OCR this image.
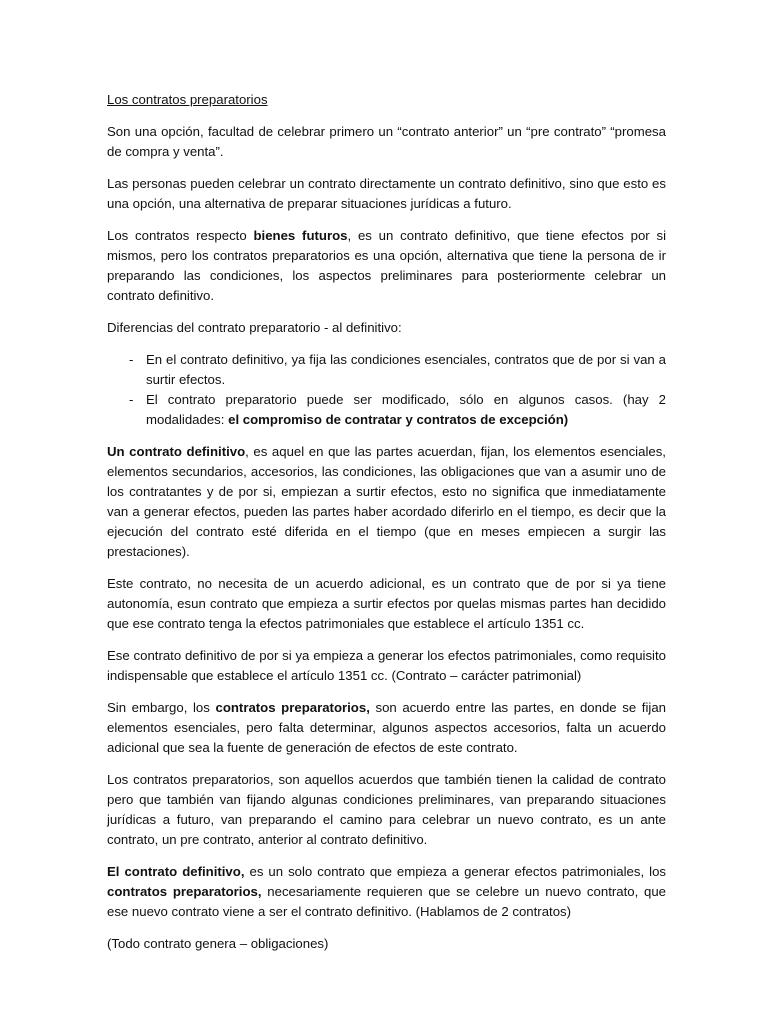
Los contratos preparatorios

Son una opción, facultad de celebrar primero un “contrato anterior” un “pre contrato” “promesa de compra y venta”.

Las personas pueden celebrar un contrato directamente un contrato definitivo, sino que esto es una opción, una alternativa de preparar situaciones jurídicas a futuro.

Los contratos respecto bienes futuros, es un contrato definitivo, que tiene efectos por si mismos, pero los contratos preparatorios es una opción, alternativa que tiene la persona de ir preparando las condiciones, los aspectos preliminares para posteriormente celebrar un contrato definitivo.

Diferencias del contrato preparatorio - al definitivo:

- En el contrato definitivo, ya fija las condiciones esenciales, contratos que de por si van a surtir efectos.
- El contrato preparatorio puede ser modificado, sólo en algunos casos. (hay 2 modalidades: el compromiso de contratar y contratos de excepción)

Un contrato definitivo, es aquel en que las partes acuerdan, fijan, los elementos esenciales, elementos secundarios, accesorios, las condiciones, las obligaciones que van a asumir uno de los contratantes y de por si, empiezan a surtir efectos, esto no significa que inmediatamente van a generar efectos, pueden las partes haber acordado diferirlo en el tiempo, es decir que la ejecución del contrato esté diferida en el tiempo (que en meses empiecen a surgir las prestaciones).

Este contrato, no necesita de un acuerdo adicional, es un contrato que de por si ya tiene autonomía, esun contrato que empieza a surtir efectos por quelas mismas partes han decidido que ese contrato tenga la efectos patrimoniales que establece el artículo 1351 cc.

Ese contrato definitivo de por si ya empieza a generar los efectos patrimoniales, como requisito indispensable que establece el artículo 1351 cc. (Contrato – carácter patrimonial)

Sin embargo, los contratos preparatorios, son acuerdo entre las partes, en donde se fijan elementos esenciales, pero falta determinar, algunos aspectos accesorios, falta un acuerdo adicional que sea la fuente de generación de efectos de este contrato.

Los contratos preparatorios, son aquellos acuerdos que también tienen la calidad de contrato pero que también van fijando algunas condiciones preliminares, van preparando situaciones jurídicas a futuro, van preparando el camino para celebrar un nuevo contrato, es un ante contrato, un pre contrato, anterior al contrato definitivo.

El contrato definitivo, es un solo contrato que empieza a generar efectos patrimoniales, los contratos preparatorios, necesariamente requieren que se celebre un nuevo contrato, que ese nuevo contrato viene a ser el contrato definitivo. (Hablamos de 2 contratos)

(Todo contrato genera – obligaciones)
